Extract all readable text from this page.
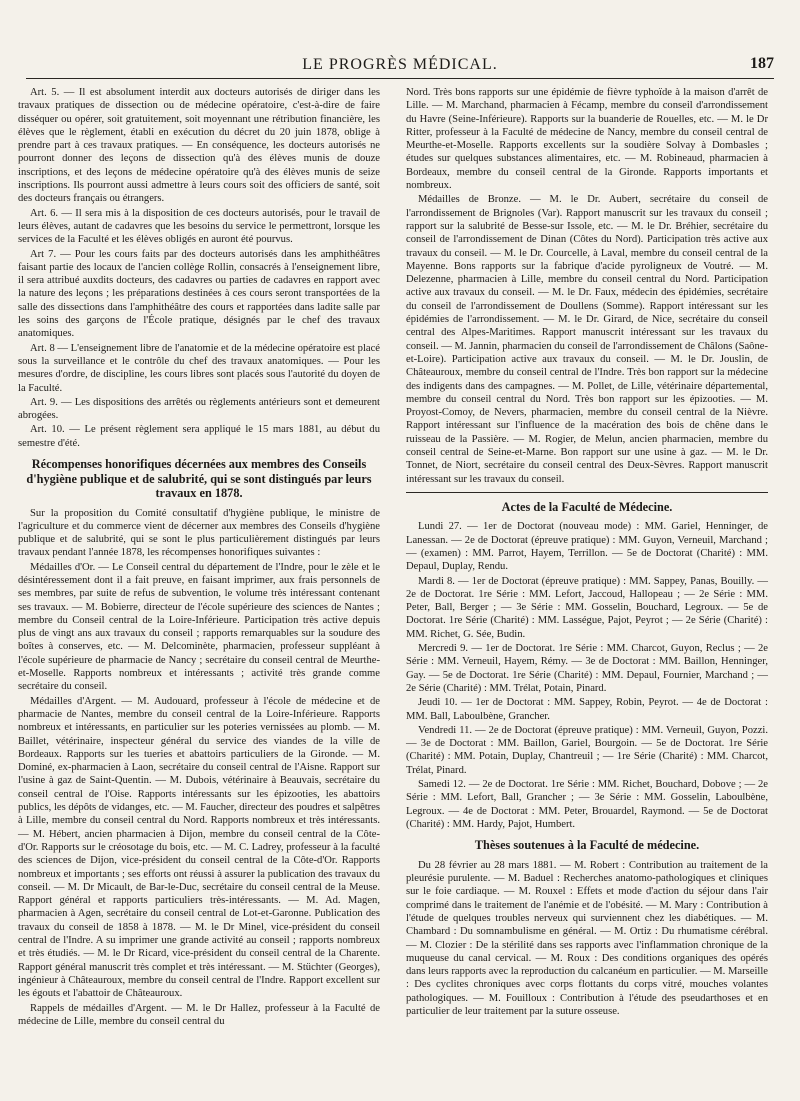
LE PROGRÈS MÉDICAL.	187

Art. 5. — Il est absolument interdit aux docteurs autorisés de diriger dans les travaux pratiques de dissection ou de médecine opératoire, c'est-à-dire de faire disséquer ou opérer, soit gratuitement, soit moyennant une rétribution financière, les élèves que le règlement, établi en exécution du décret du 20 juin 1878, oblige à prendre part à ces travaux pratiques. — En conséquence, les docteurs autorisés ne pourront donner des leçons de dissection qu'à des élèves munis de douze inscriptions, et des leçons de médecine opératoire qu'à des élèves munis de seize inscriptions. Ils pourront aussi admettre à leurs cours soit des officiers de santé, soit des docteurs français ou étrangers.

Art. 6. — Il sera mis à la disposition de ces docteurs autorisés, pour le travail de leurs élèves, autant de cadavres que les besoins du service le permettront, lorsque les services de la Faculté et les élèves obligés en auront été pourvus.

Art 7. — Pour les cours faits par des docteurs autorisés dans les amphithéâtres faisant partie des locaux de l'ancien collège Rollin, consacrés à l'enseignement libre, il sera attribué auxdits docteurs, des cadavres ou parties de cadavres en rapport avec la nature des leçons ; les préparations destinées à ces cours seront transportées de la salle des dissections dans l'amphithéâtre des cours et rapportées dans ladite salle par les soins des garçons de l'École pratique, désignés par le chef des travaux anatomiques.

Art. 8 — L'enseignement libre de l'anatomie et de la médecine opératoire est placé sous la surveillance et le contrôle du chef des travaux anatomiques. — Pour les mesures d'ordre, de discipline, les cours libres sont placés sous l'autorité du doyen de la Faculté.

Art. 9. — Les dispositions des arrêtés ou règlements antérieurs sont et demeurent abrogées.

Art. 10. — Le présent règlement sera appliqué le 15 mars 1881, au début du semestre d'été.

Récompenses honorifiques décernées aux membres des Conseils d'hygiène publique et de salubrité, qui se sont distingués par leurs travaux en 1878.

Sur la proposition du Comité consultatif d'hygiène publique, le ministre de l'agriculture et du commerce vient de décerner aux membres des Conseils d'hygiène publique et de salubrité, qui se sont le plus particulièrement distingués par leurs travaux pendant l'année 1878, les récompenses honorifiques suivantes :

Médailles d'Or. — Le Conseil central du département de l'Indre, pour le zèle et le désintéressement dont il a fait preuve, en faisant imprimer, aux frais personnels de ses membres, par suite de refus de subvention, le volume très intéressant contenant ses travaux. — M. Bobierre, directeur de l'école supérieure des sciences de Nantes ; membre du Conseil central de la Loire-Inférieure. Participation très active depuis plus de vingt ans aux travaux du conseil ; rapports remarquables sur la soudure des boîtes à conserves, etc. — M. Delcominète, pharmacien, professeur suppléant à l'école supérieure de pharmacie de Nancy ; secrétaire du conseil central de Meurthe-et-Moselle. Rapports nombreux et intéressants ; activité très grande comme secrétaire du conseil.

Médailles d'Argent. — M. Audouard, professeur à l'école de médecine et de pharmacie de Nantes, membre du conseil central de la Loire-Inférieure. Rapports nombreux et intéressants, en particulier sur les poteries vernissées au plomb. — M. Baillet, vétérinaire, inspecteur général du service des viandes de la ville de Bordeaux. Rapports sur les tueries et abattoirs particuliers de la Gironde. — M. Dominé, ex-pharmacien à Laon, secrétaire du conseil central de l'Aisne. Rapport sur l'usine à gaz de Saint-Quentin. — M. Dubois, vétérinaire à Beauvais, secrétaire du conseil central de l'Oise. Rapports intéressants sur les épizooties, les abattoirs publics, les dépôts de vidanges, etc. — M. Faucher, directeur des poudres et salpêtres à Lille, membre du conseil central du Nord. Rapports nombreux et très intéressants. — M. Hébert, ancien pharmacien à Dijon, membre du conseil central de la Côte-d'Or. Rapports sur le créosotage du bois, etc. — M. C. Ladrey, professeur à la faculté des sciences de Dijon, vice-président du conseil central de la Côte-d'Or. Rapports nombreux et importants ; ses efforts ont réussi à assurer la publication des travaux du conseil. — M. Dr Micault, de Bar-le-Duc, secrétaire du conseil central de la Meuse. Rapport général et rapports particuliers très-intéressants. — M. Ad. Magen, pharmacien à Agen, secrétaire du conseil central de Lot-et-Garonne. Publication des travaux du conseil de 1858 à 1878. — M. le Dr Minel, vice-président du conseil central de l'Indre. A su imprimer une grande activité au conseil ; rapports nombreux et très étudiés. — M. le Dr Ricard, vice-président du conseil central de la Charente. Rapport général manuscrit très complet et très intéressant. — M. Stüchter (Georges), ingénieur à Châteauroux, membre du conseil central de l'Indre. Rapport excellent sur les égouts et l'abattoir de Châteauroux.

Rappels de médailles d'Argent. — M. le Dr Hallez, professeur à la Faculté de médecine de Lille, membre du conseil central du

Nord. Très bons rapports sur une épidémie de fièvre typhoïde à la maison d'arrêt de Lille. — M. Marchand, pharmacien à Fécamp, membre du conseil d'arrondissement du Havre (Seine-Inférieure). Rapports sur la buanderie de Rouelles, etc. — M. le Dr Ritter, professeur à la Faculté de médecine de Nancy, membre du conseil central de Meurthe-et-Moselle. Rapports excellents sur la soudière Solvay à Dombasles ; études sur quelques substances alimentaires, etc. — M. Robineaud, pharmacien à Bordeaux, membre du conseil central de la Gironde. Rapports importants et nombreux.

Médailles de Bronze. — M. le Dr. Aubert, secrétaire du conseil de l'arrondissement de Brignoles (Var). Rapport manuscrit sur les travaux du conseil ; rapport sur la salubrité de Besse-sur Issole, etc. — M. le Dr. Bréhier, secrétaire du conseil de l'arrondissement de Dinan (Côtes du Nord). Participation très active aux travaux du conseil. — M. le Dr. Courcelle, à Laval, membre du conseil central de la Mayenne. Bons rapports sur la fabrique d'acide pyroligneux de Voutré. — M. Delezenne, pharmacien à Lille, membre du conseil central du Nord. Participation active aux travaux du conseil. — M. le Dr. Faux, médecin des épidémies, secrétaire du conseil de l'arrondissement de Doullens (Somme). Rapport intéressant sur les épidémies de l'arrondissement. — M. le Dr. Girard, de Nice, secrétaire du conseil central des Alpes-Maritimes. Rapport manuscrit intéressant sur les travaux du conseil. — M. Jannin, pharmacien du conseil de l'arrondissement de Châlons (Saône-et-Loire). Participation active aux travaux du conseil. — M. le Dr. Jouslin, de Châteauroux, membre du conseil central de l'Indre. Très bon rapport sur la médecine des indigents dans des campagnes. — M. Pollet, de Lille, vétérinaire départemental, membre du conseil central du Nord. Très bon rapport sur les épizooties. — M. Proyost-Comoy, de Nevers, pharmacien, membre du conseil central de la Nièvre. Rapport intéressant sur l'influence de la macération des bois de chêne dans le ruisseau de la Passière. — M. Rogier, de Melun, ancien pharmacien, membre du conseil central de Seine-et-Marne. Bon rapport sur une usine à gaz. — M. le Dr. Tonnet, de Niort, secrétaire du conseil central des Deux-Sèvres. Rapport manuscrit intéressant sur les travaux du conseil.

Actes de la Faculté de Médecine.

Lundi 27. — 1er de Doctorat (nouveau mode) : MM. Gariel, Henninger, de Lanessan. — 2e de Doctorat (épreuve pratique) : MM. Guyon, Verneuil, Marchand ; — (examen) : MM. Parrot, Hayem, Terrillon. — 5e de Doctorat (Charité) : MM. Depaul, Duplay, Rendu.

Mardi 8. — 1er de Doctorat (épreuve pratique) : MM. Sappey, Panas, Bouilly. — 2e de Doctorat. 1re Série : MM. Lefort, Jaccoud, Hallopeau ; — 2e Série : MM. Peter, Ball, Berger ; — 3e Série : MM. Gosselin, Bouchard, Legroux. — 5e de Doctorat. 1re Série (Charité) : MM. Lasségue, Pajot, Peyrot ; — 2e Série (Charité) : MM. Richet, G. Sée, Budin.

Mercredi 9. — 1er de Doctorat. 1re Série : MM. Charcot, Guyon, Reclus ; — 2e Série : MM. Verneuil, Hayem, Rémy. — 3e de Doctorat : MM. Baillon, Henninger, Gay. — 5e de Doctorat. 1re Série (Charité) : MM. Depaul, Fournier, Marchand ; — 2e Série (Charité) : MM. Trélat, Potain, Pinard.

Jeudi 10. — 1er de Doctorat : MM. Sappey, Robin, Peyrot. — 4e de Doctorat : MM. Ball, Laboulbène, Grancher.

Vendredi 11. — 2e de Doctorat (épreuve pratique) : MM. Verneuil, Guyon, Pozzi. — 3e de Doctorat : MM. Baillon, Gariel, Bourgoin. — 5e de Doctorat. 1re Série (Charité) : MM. Potain, Duplay, Chantreuil ; — 1re Série (Charité) : MM. Charcot, Trélat, Pinard.

Samedi 12. — 2e de Doctorat. 1re Série : MM. Richet, Bouchard, Dobove ; — 2e Série : MM. Lefort, Ball, Grancher ; — 3e Série : MM. Gosselin, Laboulbène, Legroux. — 4e de Doctorat : MM. Peter, Brouardel, Raymond. — 5e de Doctorat (Charité) : MM. Hardy, Pajot, Humbert.

Thèses soutenues à la Faculté de médecine.

Du 28 février au 28 mars 1881. — M. Robert : Contribution au traitement de la pleurésie purulente. — M. Baduel : Recherches anatomo-pathologiques et cliniques sur le foie cardiaque. — M. Rouxel : Effets et mode d'action du séjour dans l'air comprimé dans le traitement de l'anémie et de l'obésité. — M. Mary : Contribution à l'étude de quelques troubles nerveux qui surviennent chez les diabétiques. — M. Chambard : Du somnambulisme en général. — M. Ortiz : Du rhumatisme cérébral. — M. Clozier : De la stérilité dans ses rapports avec l'inflammation chronique de la muqueuse du canal cervical. — M. Roux : Des conditions organiques des opérés dans leurs rapports avec la reproduction du calcanéum en particulier. — M. Marseille : Des cyclites chroniques avec corps flottants du corps vitré, mouches volantes pathologiques. — M. Fouilloux : Contribution à l'étude des pseudarthoses et en particulier de leur traitement par la suture osseuse.
